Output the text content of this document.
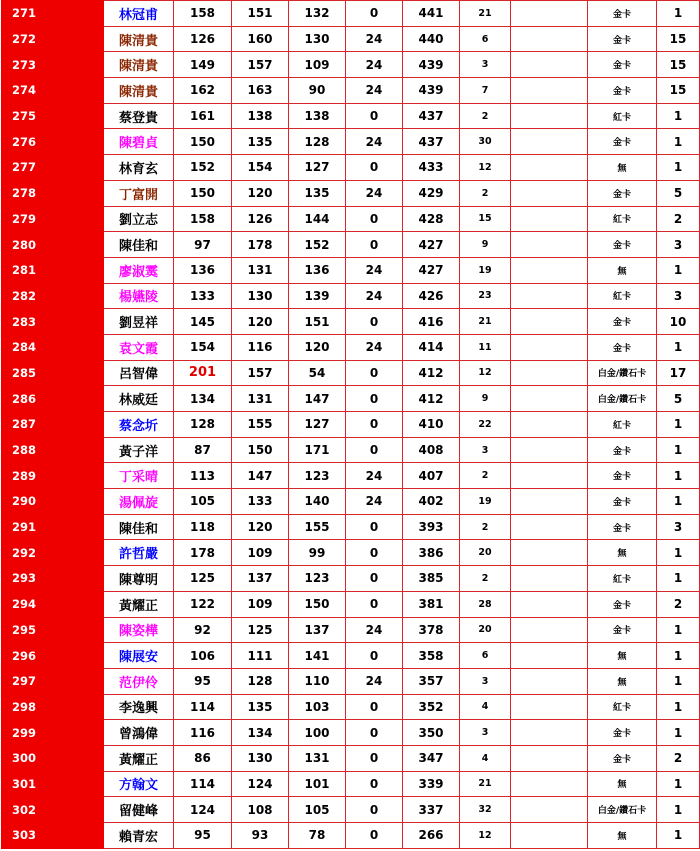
271	林冠甫	158	151	132	0	441	21		金卡	1
272	陳清貴	126	160	130	24	440	6		金卡	15
273	陳清貴	149	157	109	24	439	3		金卡	15
274	陳清貴	162	163	90	24	439	7		金卡	15
275	蔡登貴	161	138	138	0	437	2		紅卡	1
276	陳碧貞	150	135	128	24	437	30		金卡	1
277	林育玄	152	154	127	0	433	12		無	1
278	丁富開	150	120	135	24	429	2		金卡	5
279	劉立志	158	126	144	0	428	15		紅卡	2
280	陳佳和	97	178	152	0	427	9		金卡	3
281	廖淑霙	136	131	136	24	427	19		無	1
282	楊嬿陵	133	130	139	24	426	23		紅卡	3
283	劉昱祥	145	120	151	0	416	21		金卡	10
284	袁文霞	154	116	120	24	414	11		金卡	1
285	呂智偉	201	157	54	0	412	12		白金/鑽石卡	17
286	林威廷	134	131	147	0	412	9		白金/鑽石卡	5
287	蔡念圻	128	155	127	0	410	22		紅卡	1
288	黃子洋	87	150	171	0	408	3		金卡	1
289	丁采晴	113	147	123	24	407	2		金卡	1
290	湯佩旋	105	133	140	24	402	19		金卡	1
291	陳佳和	118	120	155	0	393	2		金卡	3
292	許哲嚴	178	109	99	0	386	20		無	1
293	陳尊明	125	137	123	0	385	2		紅卡	1
294	黃耀正	122	109	150	0	381	28		金卡	2
295	陳姿樺	92	125	137	24	378	20		金卡	1
296	陳展安	106	111	141	0	358	6		無	1
297	范伊伶	95	128	110	24	357	3		無	1
298	李逸興	114	135	103	0	352	4		紅卡	1
299	曾鴻偉	116	134	100	0	350	3		金卡	1
300	黃耀正	86	130	131	0	347	4		金卡	2
301	方翰文	114	124	101	0	339	21		無	1
302	留健峰	124	108	105	0	337	32		白金/鑽石卡	1
303	賴青宏	95	93	78	0	266	12		無	1
